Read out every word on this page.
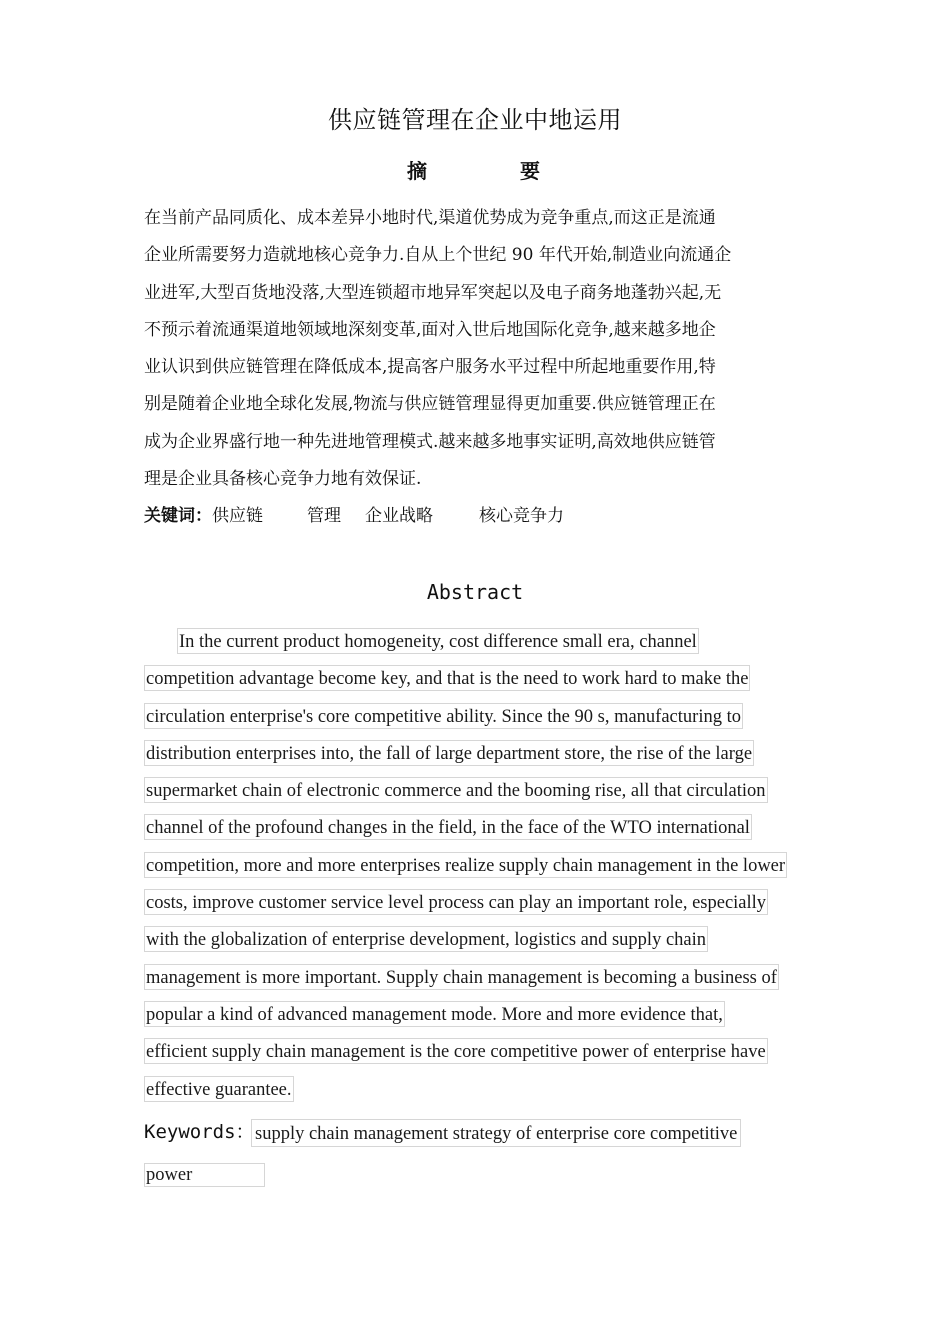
供应链管理在企业中地运用
摘	要
在当前产品同质化、成本差异小地时代,渠道优势成为竞争重点,而这正是流通
企业所需要努力造就地核心竞争力.自从上个世纪 90 年代开始,制造业向流通企
业进军,大型百货地没落,大型连锁超市地异军突起以及电子商务地蓬勃兴起,无
不预示着流通渠道地领域地深刻变革,面对入世后地国际化竞争,越来越多地企
业认识到供应链管理在降低成本,提高客户服务水平过程中所起地重要作用,特
别是随着企业地全球化发展,物流与供应链管理显得更加重要.供应链管理正在
成为企业界盛行地一种先进地管理模式.越来越多地事实证明,高效地供应链管
理是企业具备核心竞争力地有效保证.
关键词：供应链	管理 企业战略	核心竞争力
Abstract
In the current product homogeneity, cost difference small era, channel
competition advantage become key, and that is the need to work hard to make the
circulation enterprise's core competitive ability. Since the 90 s, manufacturing to
distribution enterprises into, the fall of large department store, the rise of the large
supermarket chain of electronic commerce and the booming rise, all that circulation
channel of the profound changes in the field, in the face of the WTO international
competition, more and more enterprises realize supply chain management in the lower
costs, improve customer service level process can play an important role, especially
with the globalization of enterprise development, logistics and supply chain
management is more important. Supply chain management is becoming a business of
popular a kind of advanced management mode. More and more evidence that,
efficient supply chain management is the core competitive power of enterprise have
effective guarantee.
Keywords： supply chain management strategy of enterprise core competitive
power
